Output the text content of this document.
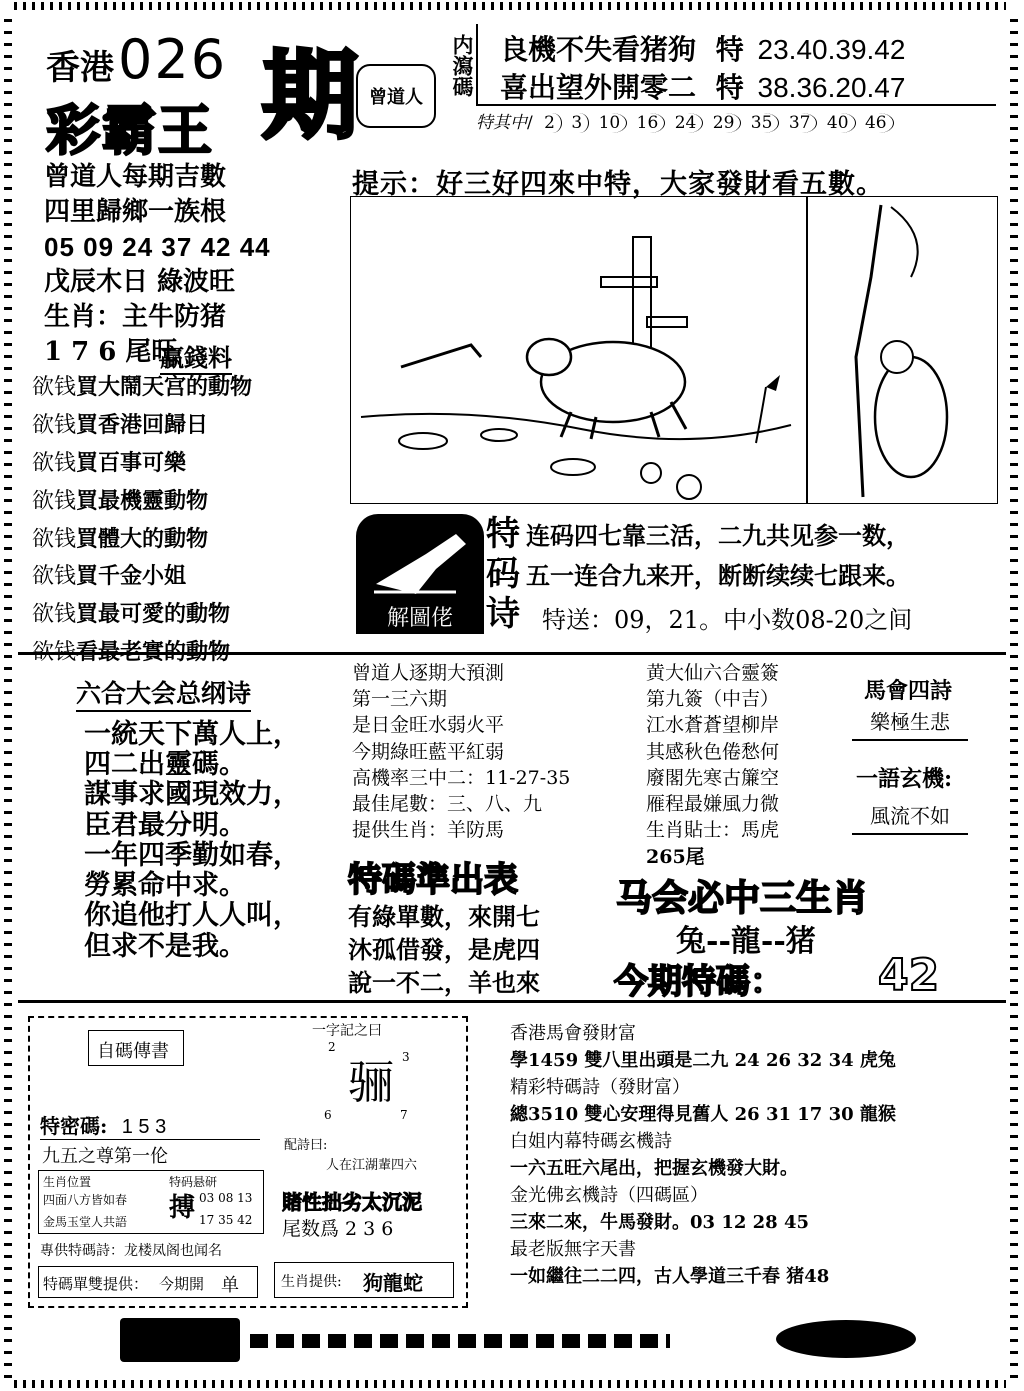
香港 026 期
彩霸王
曾道人
内瀉碼 良機不失看猪狗 特 23.40.39.42
喜出望外開零二 特 38.36.20.47
特其中/ 2 3 10 16 24 29 35 37 40 46
曾道人每期吉數
四里歸鄉一族根
05 09 24 37 42 44
戊辰木日 綠波旺
生肖：主牛防猪
1 7 6 尾旺
贏錢料
欲钱買大鬧天宫的動物
欲钱買香港回歸日
欲钱買百事可樂
欲钱買最機靈動物
欲钱買體大的動物
欲钱買千金小姐
欲钱買最可愛的動物
欲钱看最老實的動物
提示：好三好四來中特，大家發財看五數。
解圖佬
特
码
诗
连码四七靠三活，二九共见参一数，
五一连合九来开，断断续续七跟来。
特送：09，21。中小数08-20之间
六合大会总纲诗
一統天下萬人上，
四二出靈碼。
謀事求國現效力，
臣君最分明。
一年四季勤如春，
勞累命中求。
你追他打人人叫，
但求不是我。
曾道人逐期大預測
第一三六期
是日金旺水弱火平
今期綠旺藍平紅弱
高機率三中二：11-27-35
最佳尾數：三、八、九
提供生肖：羊防馬
黄大仙六合靈簽
第九簽（中吉）
江水蒼蒼望柳岸
其感秋色倦愁何
廢閣先寒古簾空
雁程最嫌風力微
生肖貼士：馬虎
265尾
馬會四詩
樂極生悲
一語玄機:
風流不如
特碼準出表
有綠單數，來開七
沐孤借發，是虎四
說一不二，羊也來
马会必中三生肖
兔--龍--猪
今期特碼： 42
自碼傳書
一字記之曰
骊
2
3
6	7
特密碼: 1 5 3
九五之尊第一伦
配詩曰:
人在江湖輩四六
生肖位置
四面八方皆如春
金馬玉堂人共語
特码悬研
搏 03 08 13
17 35 42
賭性拙劣太沉泥
尾数爲 2 3 6
專供特碼詩：龙楼凤阁也闻名
特碼單雙提供： 今期開 单	生肖提供: 狗龍蛇
香港馬會發財富
學1459 雙八里出頭是二九 24 26 32 34 虎兔
精彩特碼詩（發財富）
總3510 雙心安理得見舊人 26 31 17 30 龍猴
白姐内幕特碼玄機詩
一六五旺六尾出，把握玄機發大財。
金光佛玄機詩（四碼區）
三來二來，牛馬發財。03 12 28 45
最老版無字天書
一如繼往二二四，古人學道三千春 猪48
